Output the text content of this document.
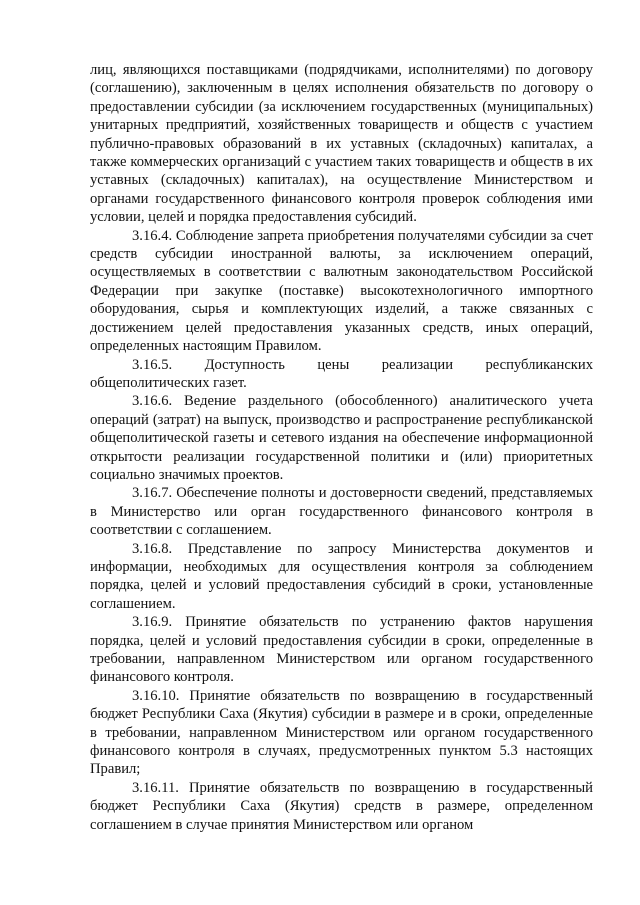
лиц, являющихся поставщиками (подрядчиками, исполнителями) по договору (соглашению), заключенным в целях исполнения обязательств по договору о предоставлении субсидии (за исключением государственных (муниципальных) унитарных предприятий, хозяйственных товариществ и обществ с участием публично-правовых образований в их уставных (складочных) капиталах, а также коммерческих организаций с участием таких товариществ и обществ в их уставных (складочных) капиталах), на осуществление Министерством и органами государственного финансового контроля проверок соблюдения ими условии, целей и порядка предоставления субсидий.

3.16.4. Соблюдение запрета приобретения получателями субсидии за счет средств субсидии иностранной валюты, за исключением операций, осуществляемых в соответствии с валютным законодательством Российской Федерации при закупке (поставке) высокотехнологичного импортного оборудования, сырья и комплектующих изделий, а также связанных с достижением целей предоставления указанных средств, иных операций, определенных настоящим Правилом.

3.16.5. Доступность цены реализации республиканских общеполитических газет.

3.16.6. Ведение раздельного (обособленного) аналитического учета операций (затрат) на выпуск, производство и распространение республиканской общеполитической газеты и сетевого издания на обеспечение информационной открытости реализации государственной политики и (или) приоритетных социально значимых проектов.

3.16.7. Обеспечение полноты и достоверности сведений, представляемых в Министерство или орган государственного финансового контроля в соответствии с соглашением.

3.16.8. Представление по запросу Министерства документов и информации, необходимых для осуществления контроля за соблюдением порядка, целей и условий предоставления субсидий в сроки, установленные соглашением.

3.16.9. Принятие обязательств по устранению фактов нарушения порядка, целей и условий предоставления субсидии в сроки, определенные в требовании, направленном Министерством или органом государственного финансового контроля.

3.16.10. Принятие обязательств по возвращению в государственный бюджет Республики Саха (Якутия) субсидии в размере и в сроки, определенные в требовании, направленном Министерством или органом государственного финансового контроля в случаях, предусмотренных пунктом 5.3 настоящих Правил;

3.16.11. Принятие обязательств по возвращению в государственный бюджет Республики Саха (Якутия) средств в размере, определенном соглашением в случае принятия Министерством или органом
